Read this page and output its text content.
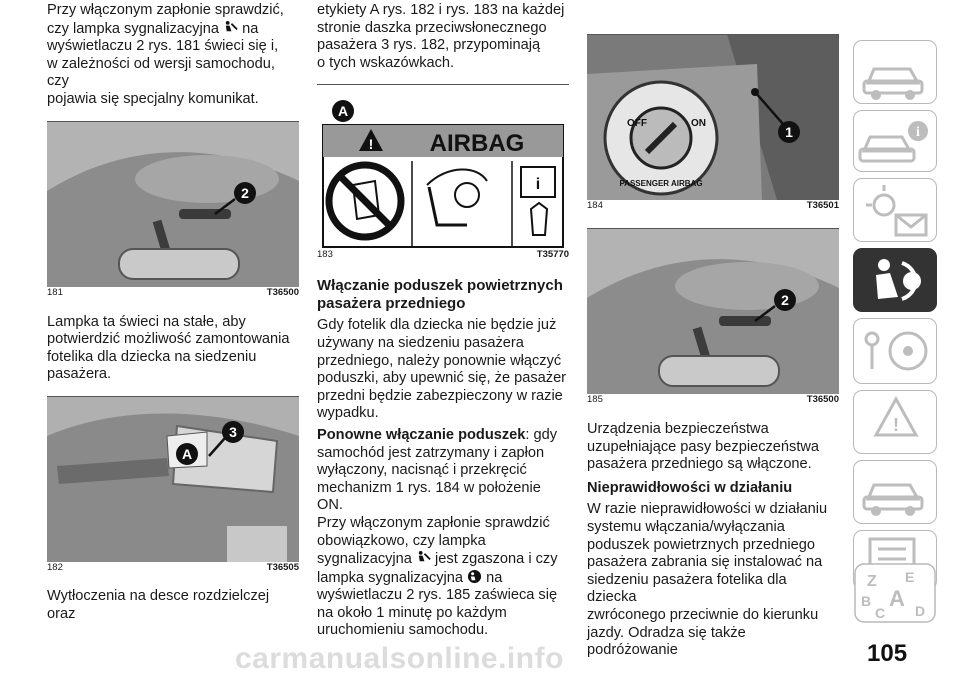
Przy włączonym zapłonie sprawdzić,
czy lampka sygnalizacyjna na
wyświetlaczu 2 rys. 181 świeci się i,
w zależności od wersji samochodu, czy
pojawia się specjalny komunikat.

2
181	T36500

Lampka ta świeci na stałe, aby
potwierdzić możliwość zamontowania
fotelika dla dziecka na siedzeniu
pasażera.

3
A
182	T36505

Wytłoczenia na desce rozdzielczej oraz

etykiety A rys. 182 i rys. 183 na każdej
stronie daszka przeciwsłonecznego
pasażera 3 rys. 182, przypominają
o tych wskazówkach.

A
! AIRBAG
i
183	T35770

Włączanie poduszek powietrznych
pasażera przedniego

Gdy fotelik dla dziecka nie będzie już
używany na siedzeniu pasażera
przedniego, należy ponownie włączyć
poduszki, aby upewnić się, że pasażer
przedni będzie zabezpieczony w razie
wypadku.

Ponowne włączanie poduszek: gdy
samochód jest zatrzymany i zapłon
wyłączony, nacisnąć i przekręcić
mechanizm 1 rys. 184 w położenie ON.
Przy włączonym zapłonie sprawdzić
obowiązkowo, czy lampka
sygnalizacyjna jest zgaszona i czy
lampka sygnalizacyjna na
wyświetlaczu 2 rys. 185 zaświeca się
na około 1 minutę po każdym
uruchomieniu samochodu.

OFF	ON
PASSENGER AIRBAG
1
184	T36501
2
185	T36500

Urządzenia bezpieczeństwa
uzupełniające pasy bezpieczeństwa
pasażera przedniego są włączone.

Nieprawidłowości w działaniu

W razie nieprawidłowości w działaniu
systemu włączania/wyłączania
poduszek powietrznych przedniego
pasażera zabrania się instalować na
siedzeniu pasażera fotelika dla dziecka
zwróconego przeciwnie do kierunku
jazdy. Odradza się także podróżowanie

i
!
Z E
B A
C D
carmanualsonline.info	105
